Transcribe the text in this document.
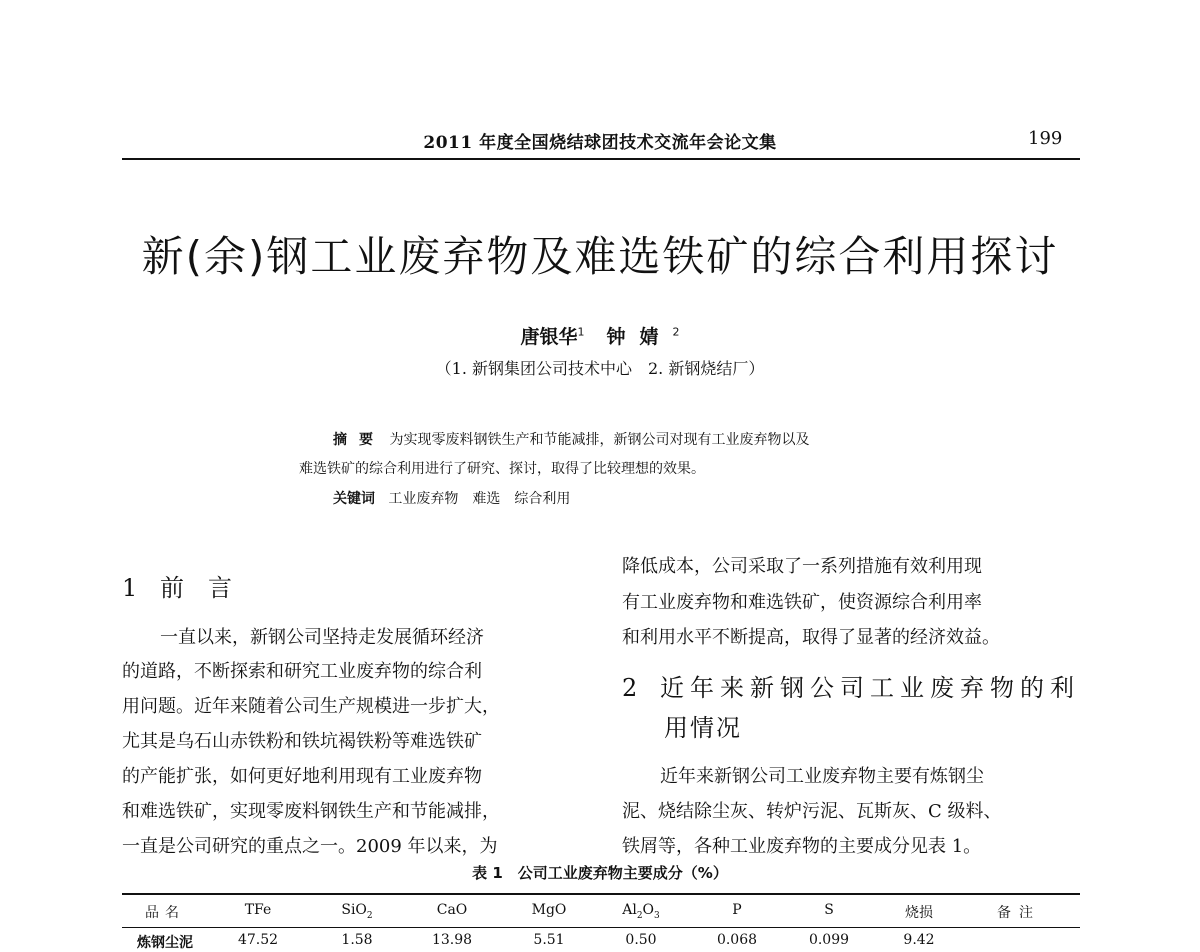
2011 年度全国烧结球团技术交流年会论文集	199
新(余)钢工业废弃物及难选铁矿的综合利用探讨
唐银华$^1$ 钟婧$^2$
（1. 新钢集团公司技术中心　2. 新钢烧结厂）
摘要 为实现零废料钢铁生产和节能减排，新钢公司对现有工业废弃物以及
难选铁矿的综合利用进行了研究、探讨，取得了比较理想的效果。
关键词 工业废弃物　难选　综合利用
1 前言
一直以来，新钢公司坚持走发展循环经济
的道路，不断探索和研究工业废弃物的综合利
用问题。近年来随着公司生产规模进一步扩大，
尤其是乌石山赤铁粉和铁坑褐铁粉等难选铁矿
的产能扩张，如何更好地利用现有工业废弃物
和难选铁矿，实现零废料钢铁生产和节能减排，
一直是公司研究的重点之一。2009 年以来，为
降低成本，公司采取了一系列措施有效利用现
有工业废弃物和难选铁矿，使资源综合利用率
和利用水平不断提高，取得了显著的经济效益。
2 近年来新钢公司工业废弃物的利
用情况
近年来新钢公司工业废弃物主要有炼钢尘
泥、烧结除尘灰、转炉污泥、瓦斯灰、C 级料、
铁屑等，各种工业废弃物的主要成分见表 1。
表 1　公司工业废弃物主要成分（%）
品名	TFe	SiO$_2$	CaO	MgO	$Al_2O_3$	P	S	烧损	备注
炼钢尘泥	47.52	1.58	13.98	5.51	0.50	0.068	0.099	9.42
